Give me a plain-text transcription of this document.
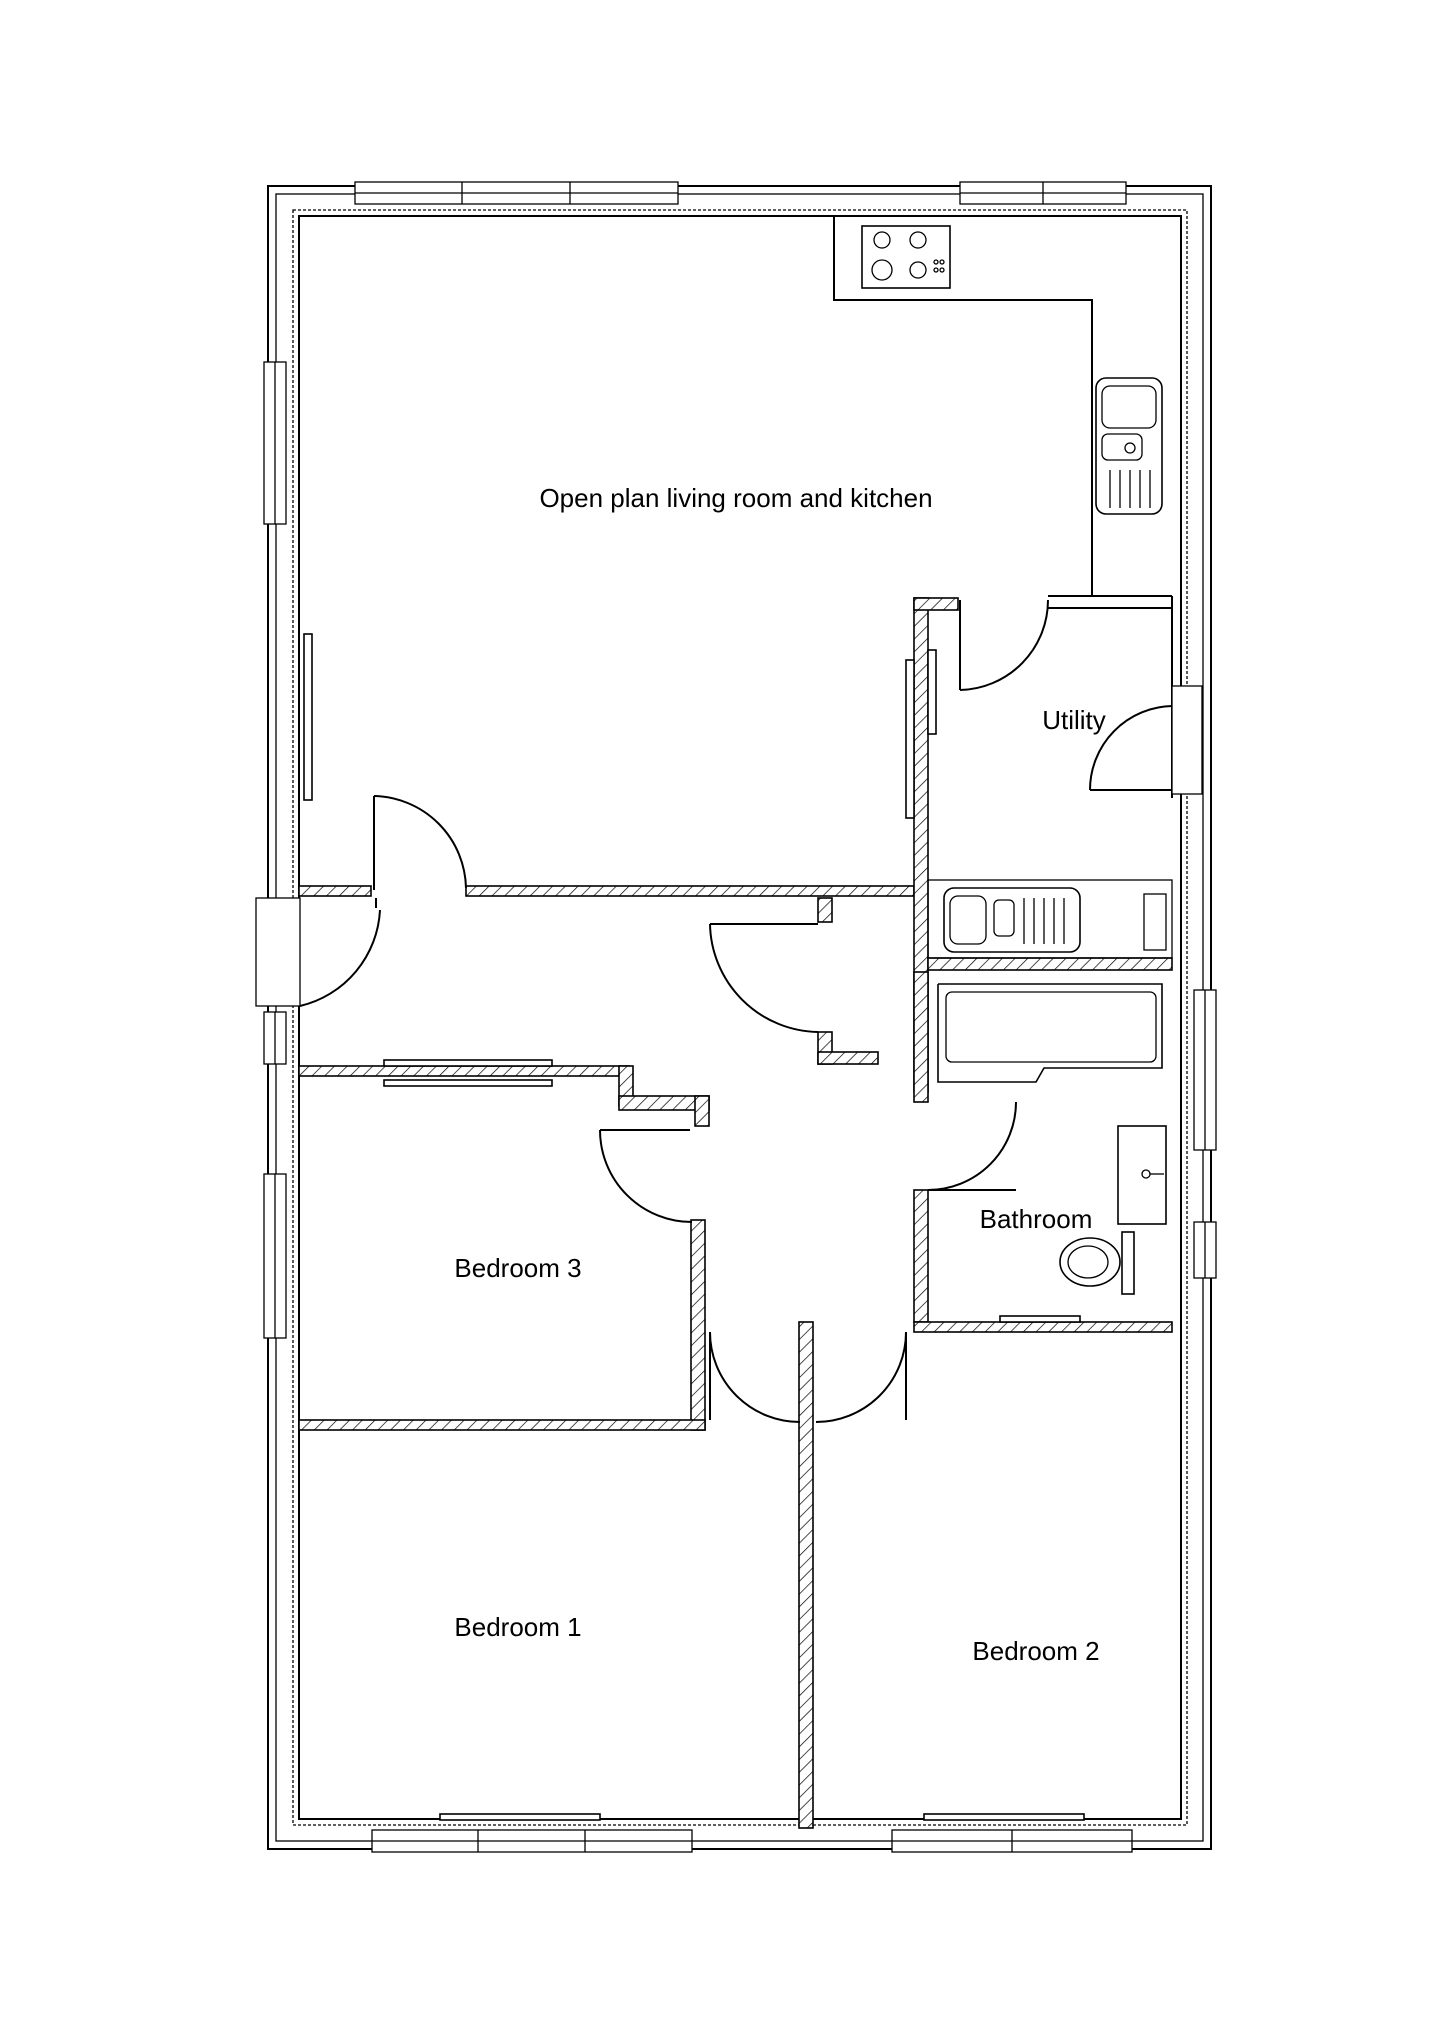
Open plan living room and kitchen
Utility
Bathroom
Bedroom 3
Bedroom 1
Bedroom 2
